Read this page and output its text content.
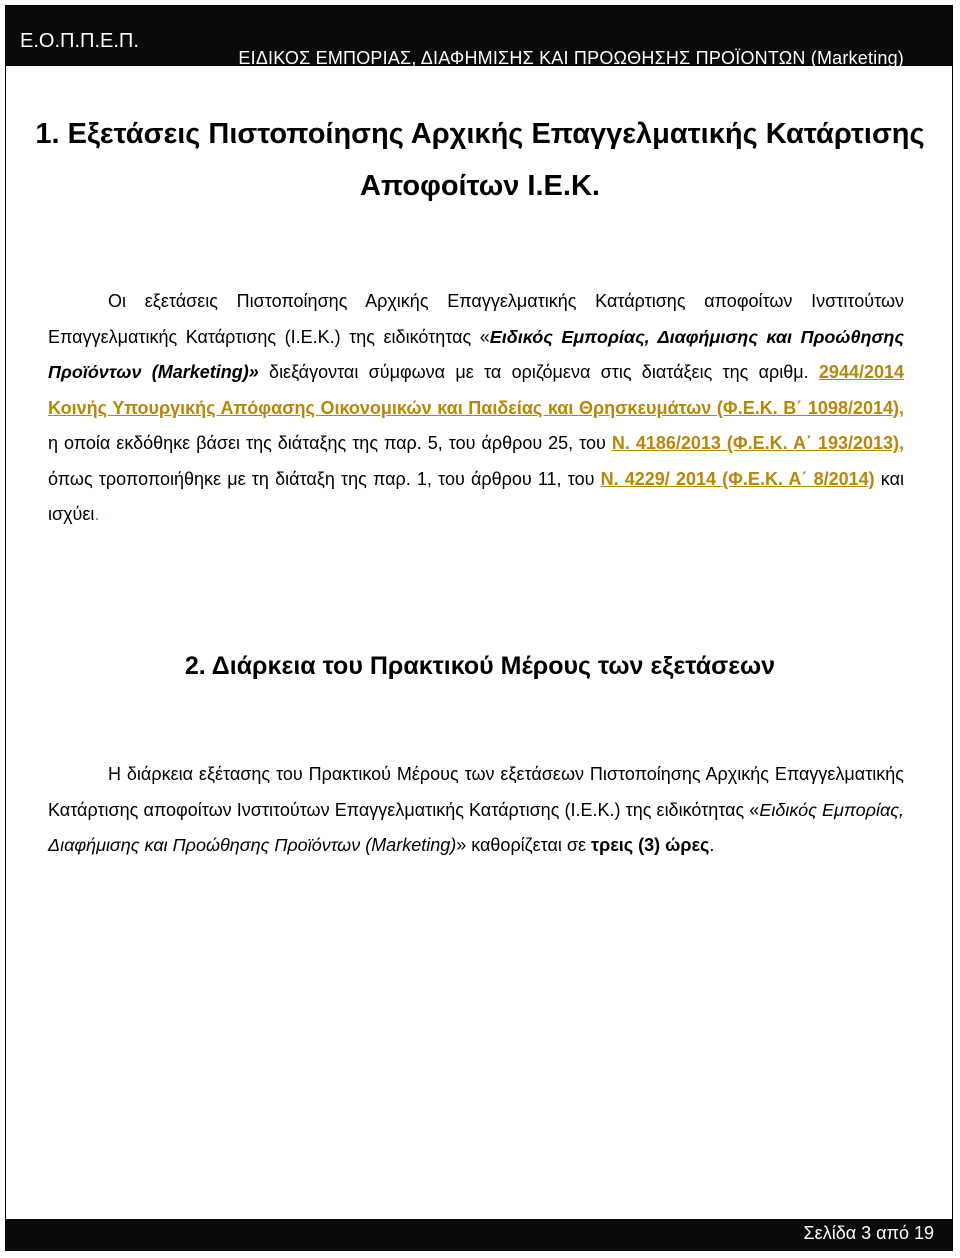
Ε.Ο.Π.Π.Ε.Π.
ΕΙΔΙΚΟΣ ΕΜΠΟΡΙΑΣ, ΔΙΑΦΗΜΙΣΗΣ ΚΑΙ ΠΡΟΩΘΗΣΗΣ ΠΡΟΪΟΝΤΩΝ (Marketing)
1. Εξετάσεις Πιστοποίησης Αρχικής Επαγγελματικής Κατάρτισης
Αποφοίτων Ι.Ε.Κ.

Οι εξετάσεις Πιστοποίησης Αρχικής Επαγγελματικής Κατάρτισης αποφοίτων Ινστιτούτων Επαγγελματικής Κατάρτισης (Ι.Ε.Κ.) της ειδικότητας «Ειδικός Εμπορίας, Διαφήμισης και Προώθησης Προϊόντων (Marketing)» διεξάγονται σύμφωνα με τα οριζόμενα στις διατάξεις της αριθμ. 2944/2014 Κοινής Υπουργικής Απόφασης Οικονομικών και Παιδείας και Θρησκευμάτων (Φ.Ε.Κ. Β΄ 1098/2014), η οποία εκδόθηκε βάσει της διάταξης της παρ. 5, του άρθρου 25, του Ν. 4186/2013 (Φ.Ε.Κ. Α΄ 193/2013), όπως τροποποιήθηκε με τη διάταξη της παρ. 1, του άρθρου 11, του Ν. 4229/ 2014 (Φ.Ε.Κ. Α΄ 8/2014) και ισχύει.

2. Διάρκεια του Πρακτικού Μέρους των εξετάσεων

Η διάρκεια εξέτασης του Πρακτικού Μέρους των εξετάσεων Πιστοποίησης Αρχικής Επαγγελματικής Κατάρτισης αποφοίτων Ινστιτούτων Επαγγελματικής Κατάρτισης (Ι.Ε.Κ.) της ειδικότητας «Ειδικός Εμπορίας, Διαφήμισης και Προώθησης Προϊόντων (Marketing)» καθορίζεται σε τρεις (3) ώρες.

Σελίδα 3 από 19
